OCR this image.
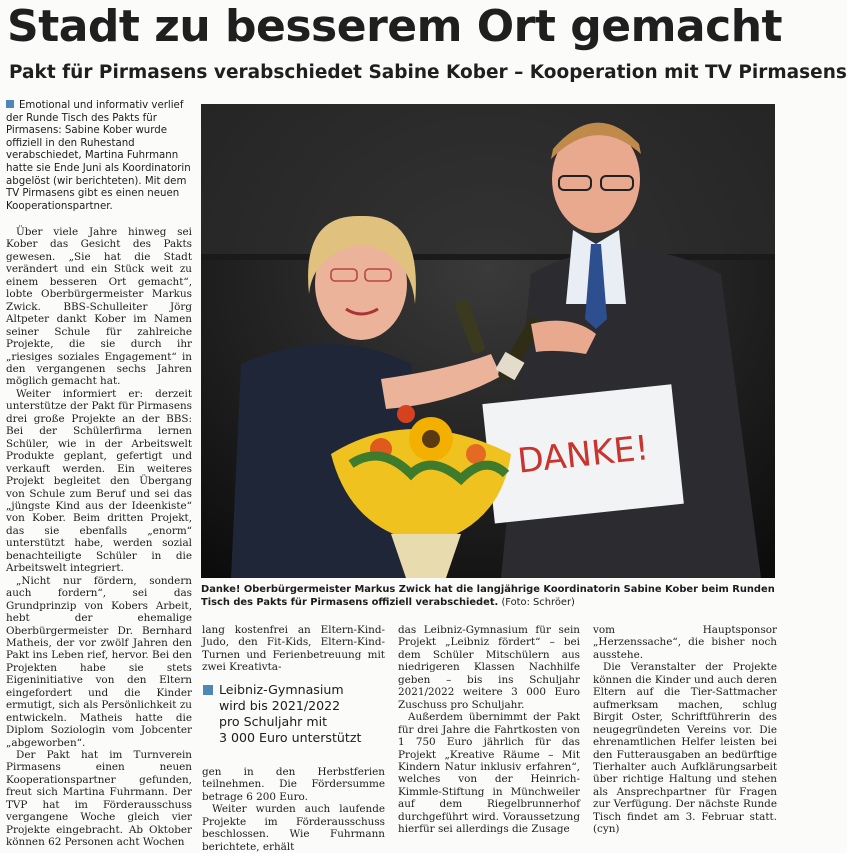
Stadt zu besserem Ort gemacht
Pakt für Pirmasens verabschiedet Sabine Kober – Kooperation mit TV Pirmasens
Emotional und informativ verlief der Runde Tisch des Pakts für Pirmasens: Sabine Kober wurde offiziell in den Ruhestand verabschiedet, Martina Fuhrmann hatte sie Ende Juni als Koordinatorin abgelöst (wir berichteten). Mit dem TV Pirmasens gibt es einen neuen Kooperationspartner.

Über viele Jahre hinweg sei Kober das Gesicht des Pakts gewesen. „Sie hat die Stadt verändert und ein Stück weit zu einem besseren Ort gemacht“, lobte Oberbürgermeister Markus Zwick. BBS-Schulleiter Jörg Altpeter dankt Kober im Namen seiner Schule für zahlreiche Projekte, die sie durch ihr „riesiges soziales Engagement“ in den vergangenen sechs Jahren möglich gemacht hat.

Weiter informiert er: derzeit unterstütze der Pakt für Pirmasens drei große Projekte an der BBS: Bei der Schülerfirma lernen Schüler, wie in der Arbeitswelt Produkte geplant, gefertigt und verkauft werden. Ein weiteres Projekt begleitet den Übergang von Schule zum Beruf und sei das „jüngste Kind aus der Ideenkiste“ von Kober. Beim dritten Projekt, das sie ebenfalls „enorm“ unterstützt habe, werden sozial benachteiligte Schüler in die Arbeitswelt integriert.

„Nicht nur fördern, sondern auch fordern“, sei das Grundprinzip von Kobers Arbeit, hebt der ehemalige Oberbürgermeister Dr. Bernhard Matheis, der vor zwölf Jahren den Pakt ins Leben rief, hervor. Bei den Projekten habe sie stets Eigeninitiative von den Eltern eingefordert und die Kinder ermutigt, sich als Persönlichkeit zu entwickeln. Matheis hatte die Diplom Soziologin vom Jobcenter „abgeworben“.

Der Pakt hat im Turnverein Pirmasens einen neuen Kooperationspartner gefunden, freut sich Martina Fuhrmann. Der TVP hat im Förderausschuss vergangene Woche gleich vier Projekte eingebracht. Ab Oktober können 62 Personen acht Wochen

DANKE!
Danke! Oberbürgermeister Markus Zwick hat die langjährige Koordinatorin Sabine Kober beim Runden Tisch des Pakts für Pirmasens offiziell verabschiedet. (Foto: Schröer)

lang kostenfrei an Eltern-Kind-Judo, den Fit-Kids, Eltern-Kind-Turnen und Ferienbetreuung mit zwei Kreativta-

Leibniz-Gymnasium
wird bis 2021/2022
pro Schuljahr mit
3 000 Euro unterstützt

gen in den Herbstferien teilnehmen. Die Fördersumme betrage 6 200 Euro.

Weiter wurden auch laufende Projekte im Förderausschuss beschlossen. Wie Fuhrmann berichtete, erhält

das Leibniz-Gymnasium für sein Projekt „Leibniz fördert“ – bei dem Schüler Mitschülern aus niedrigeren Klassen Nachhilfe geben – bis ins Schuljahr 2021/2022 weitere 3 000 Euro Zuschuss pro Schuljahr.

Außerdem übernimmt der Pakt für drei Jahre die Fahrtkosten von 1 750 Euro jährlich für das Projekt „Kreative Räume – Mit Kindern Natur inklusiv erfahren“, welches von der Heinrich-Kimmle-Stiftung in Münchweiler auf dem Riegelbrunnerhof durchgeführt wird. Voraussetzung hierfür sei allerdings die Zusage

vom Hauptsponsor „Herzenssache“, die bisher noch ausstehe.

Die Veranstalter der Projekte können die Kinder und auch deren Eltern auf die Tier-Sattmacher aufmerksam machen, schlug Birgit Oster, Schriftführerin des neugegründeten Vereins vor. Die ehrenamtlichen Helfer leisten bei den Futterausgaben an bedürftige Tierhalter auch Aufklärungsarbeit über richtige Haltung und stehen als Ansprechpartner für Fragen zur Verfügung. Der nächste Runde Tisch findet am 3. Februar statt. (cyn)
